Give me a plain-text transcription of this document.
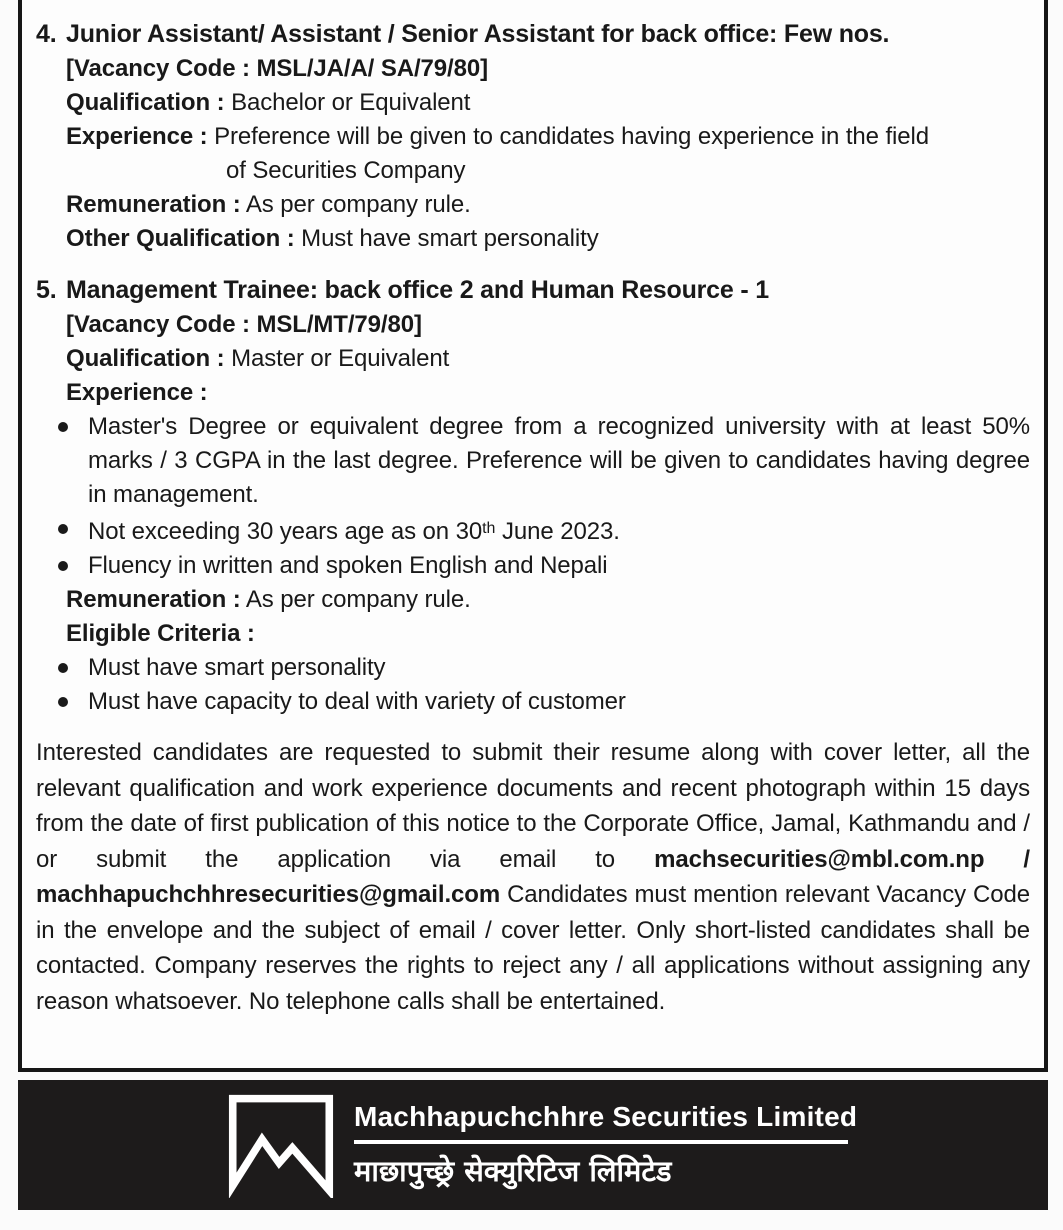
4. Junior Assistant/ Assistant / Senior Assistant for back office: Few nos.
[Vacancy Code : MSL/JA/A/ SA/79/80]
Qualification : Bachelor or Equivalent
Experience : Preference will be given to candidates having experience in the field
of Securities Company
Remuneration : As per company rule.
Other Qualification : Must have smart personality
5. Management Trainee: back office 2 and Human Resource - 1
[Vacancy Code : MSL/MT/79/80]
Qualification : Master or Equivalent
Experience :
Master's Degree or equivalent degree from a recognized university with at least 50% marks / 3 CGPA in the last degree. Preference will be given to candidates having degree in management.
Not exceeding 30 years age as on 30th June 2023.
Fluency in written and spoken English and Nepali
Remuneration : As per company rule.
Eligible Criteria :
Must have smart personality
Must have capacity to deal with variety of customer

Interested candidates are requested to submit their resume along with cover letter, all the relevant qualification and work experience documents and recent photograph within 15 days from the date of first publication of this notice to the Corporate Office, Jamal, Kathmandu and / or submit the application via email to machsecurities@mbl.com.np / machhapuchchhresecurities@gmail.com Candidates must mention relevant Vacancy Code in the envelope and the subject of email / cover letter. Only short-listed candidates shall be contacted. Company reserves the rights to reject any / all applications without assigning any reason whatsoever. No telephone calls shall be entertained.

Machhapuchchhre Securities Limited
माछापुच्छ्रे सेक्युरिटिज लिमिटेड
